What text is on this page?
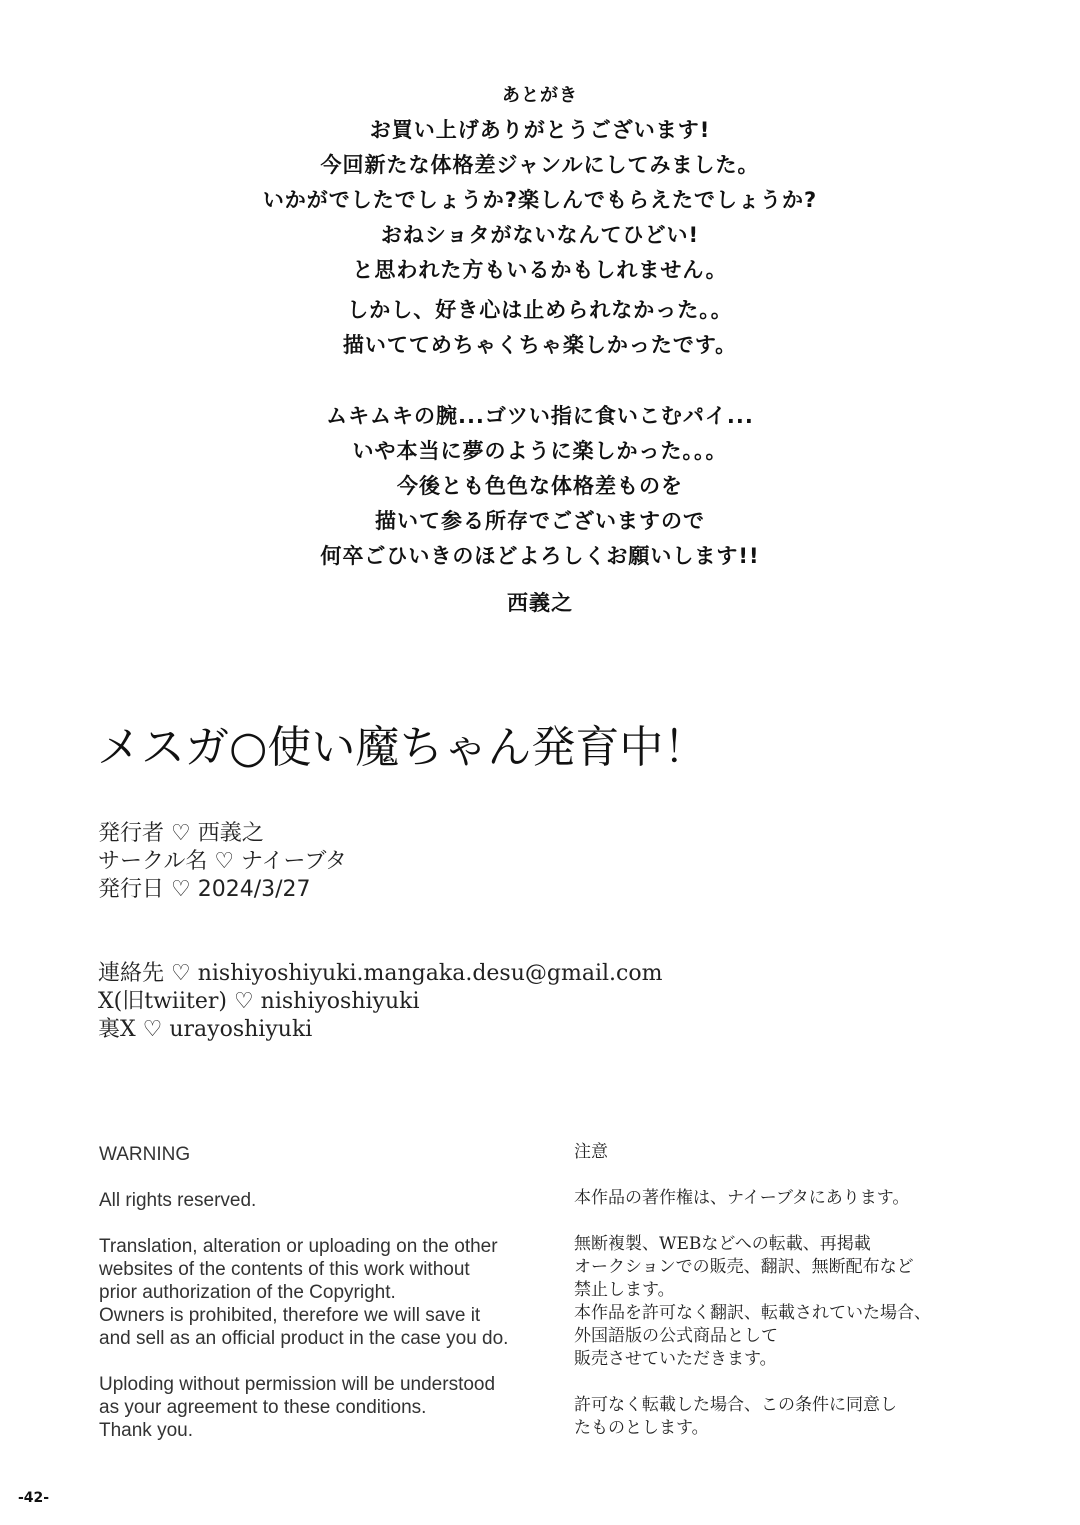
あとがき
お買い上げありがとうございます!
今回新たな体格差ジャンルにしてみました。
いかがでしたでしょうか?楽しんでもらえたでしょうか?
おねショタがないなんてひどい!
と思われた方もいるかもしれません。
しかし、好き心は止められなかった。。
描いててめちゃくちゃ楽しかったです。
ムキムキの腕...ゴツい指に食いこむパイ...
いや本当に夢のように楽しかった。。。
今後とも色色な体格差ものを
描いて参る所存でございますので
何卒ごひいきのほどよろしくお願いします!!
西義之
メスガ○使い魔ちゃん発育中！
発行者 ♡ 西義之
サークル名 ♡ ナイーブタ
発行日 ♡ 2024/3/27
連絡先 ♡ nishiyoshiyuki.mangaka.desu@gmail.com
X(旧twiiter) ♡ nishiyoshiyuki
裏X ♡ urayoshiyuki
WARNING
All rights reserved.
Translation, alteration or uploading on the other
websites of the contents of this work without
prior authorization of the Copyright.
Owners is prohibited, therefore we will save it
and sell as an official product in the case you do.
Uploding without permission will be understood
as your agreement to these conditions.
Thank you.
注意
本作品の著作権は、ナイーブタにあります。
無断複製、WEBなどへの転載、再掲載
オークションでの販売、翻訳、無断配布など
禁止します。
本作品を許可なく翻訳、転載されていた場合、
外国語版の公式商品として
販売させていただきます。
許可なく転載した場合、この条件に同意し
たものとします。
-42-
